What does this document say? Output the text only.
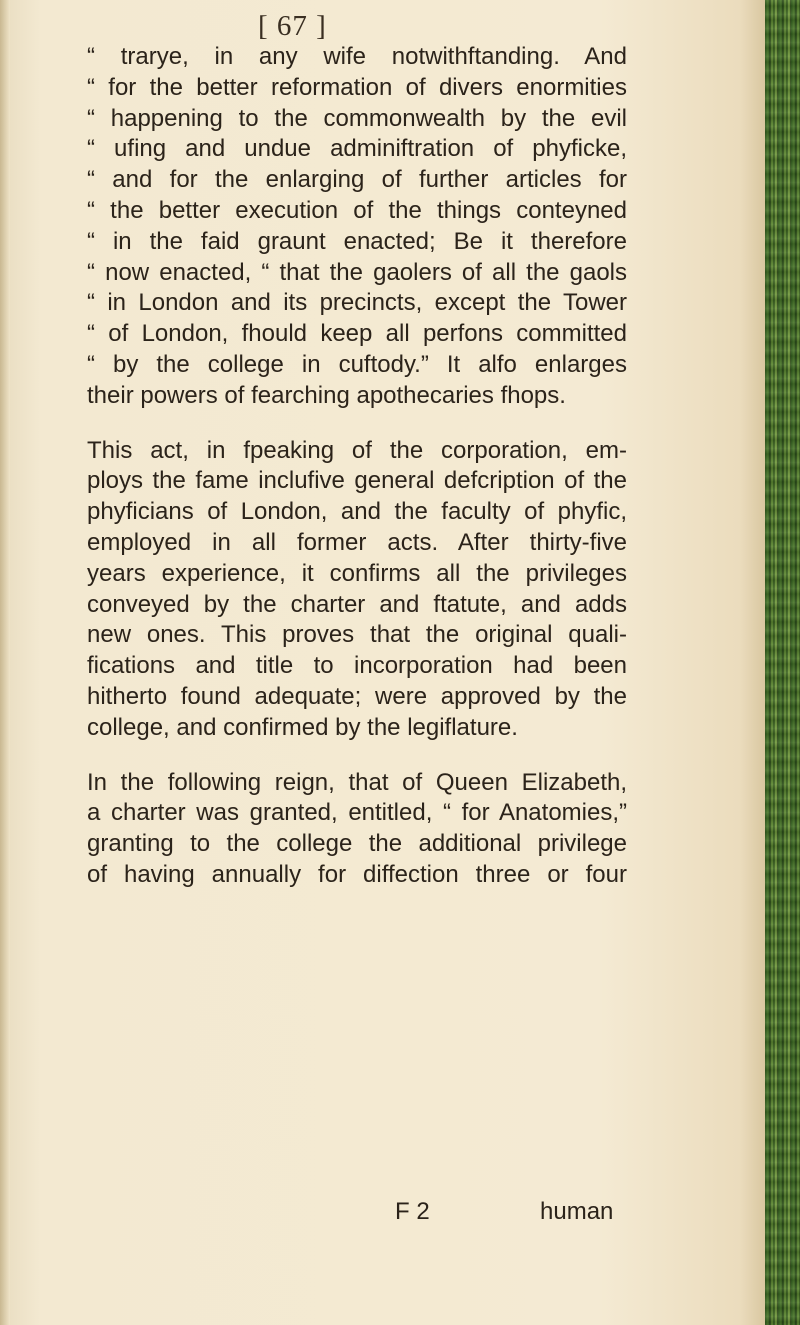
[ 67 ]
“ trarye, in any wife notwithftanding. And
“ for the better reformation of divers enormities
“ happening to the commonwealth by the evil
“ ufing and undue adminiftration of phyficke,
“ and for the enlarging of further articles for
“ the better execution of the things conteyned
“ in the faid graunt enacted; Be it therefore
“ now enacted, “ that the gaolers of all the gaols
“ in London and its precincts, except the Tower
“ of London, fhould keep all perfons committed
“ by the college in cuftody.” It alfo enlarges
their powers of fearching apothecaries fhops.
This act, in fpeaking of the corporation, em-
ploys the fame inclufive general defcription of the
phyficians of London, and the faculty of phyfic,
employed in all former acts. After thirty-five
years experience, it confirms all the privileges
conveyed by the charter and ftatute, and adds
new ones. This proves that the original quali-
fications and title to incorporation had been
hitherto found adequate; were approved by the
college, and confirmed by the legiflature.
In the following reign, that of Queen Elizabeth,
a charter was granted, entitled, “ for Anatomies,”
granting to the college the additional privilege
of having annually for diffection three or four
F 2	human
